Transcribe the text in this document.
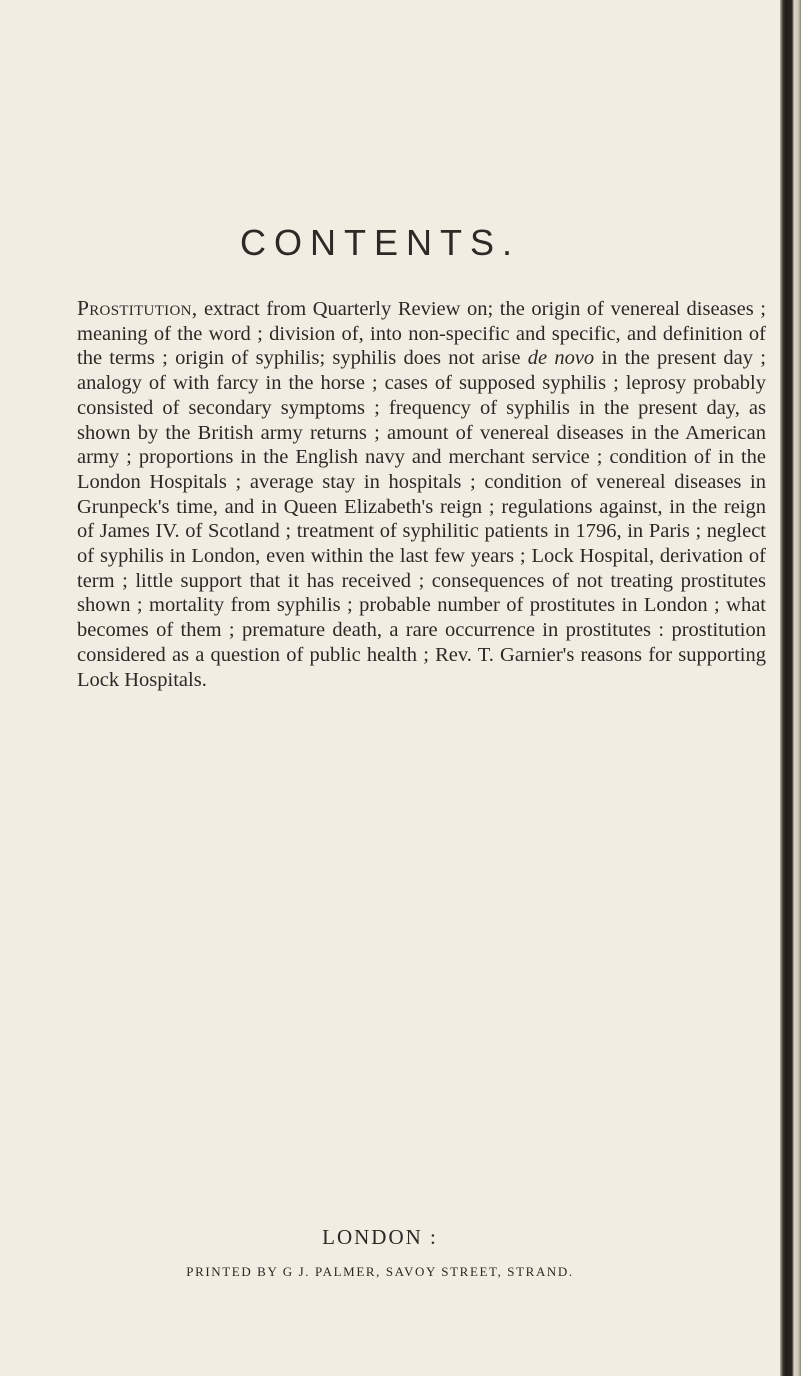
CONTENTS.
Prostitution, extract from Quarterly Review on; the origin of venereal diseases ; meaning of the word ; division of, into non-specific and specific, and definition of the terms ; origin of syphilis; syphilis does not arise de novo in the present day ; analogy of with farcy in the horse ; cases of supposed syphilis ; leprosy probably consisted of secondary symptoms ; frequency of syphilis in the present day, as shown by the British army returns ; amount of venereal diseases in the American army ; proportions in the English navy and merchant service ; condition of in the London Hospitals ; average stay in hospitals ; condition of venereal diseases in Grunpeck's time, and in Queen Elizabeth's reign ; regulations against, in the reign of James IV. of Scotland ; treatment of syphilitic patients in 1796, in Paris ; neglect of syphilis in London, even within the last few years ; Lock Hospital, derivation of term ; little support that it has received ; consequences of not treating prostitutes shown ; mortality from syphilis ; probable number of prostitutes in London ; what becomes of them ; premature death, a rare occurrence in prostitutes : prostitution considered as a question of public health ; Rev. T. Garnier's reasons for supporting Lock Hospitals.
LONDON :
PRINTED BY G J. PALMER, SAVOY STREET, STRAND.
